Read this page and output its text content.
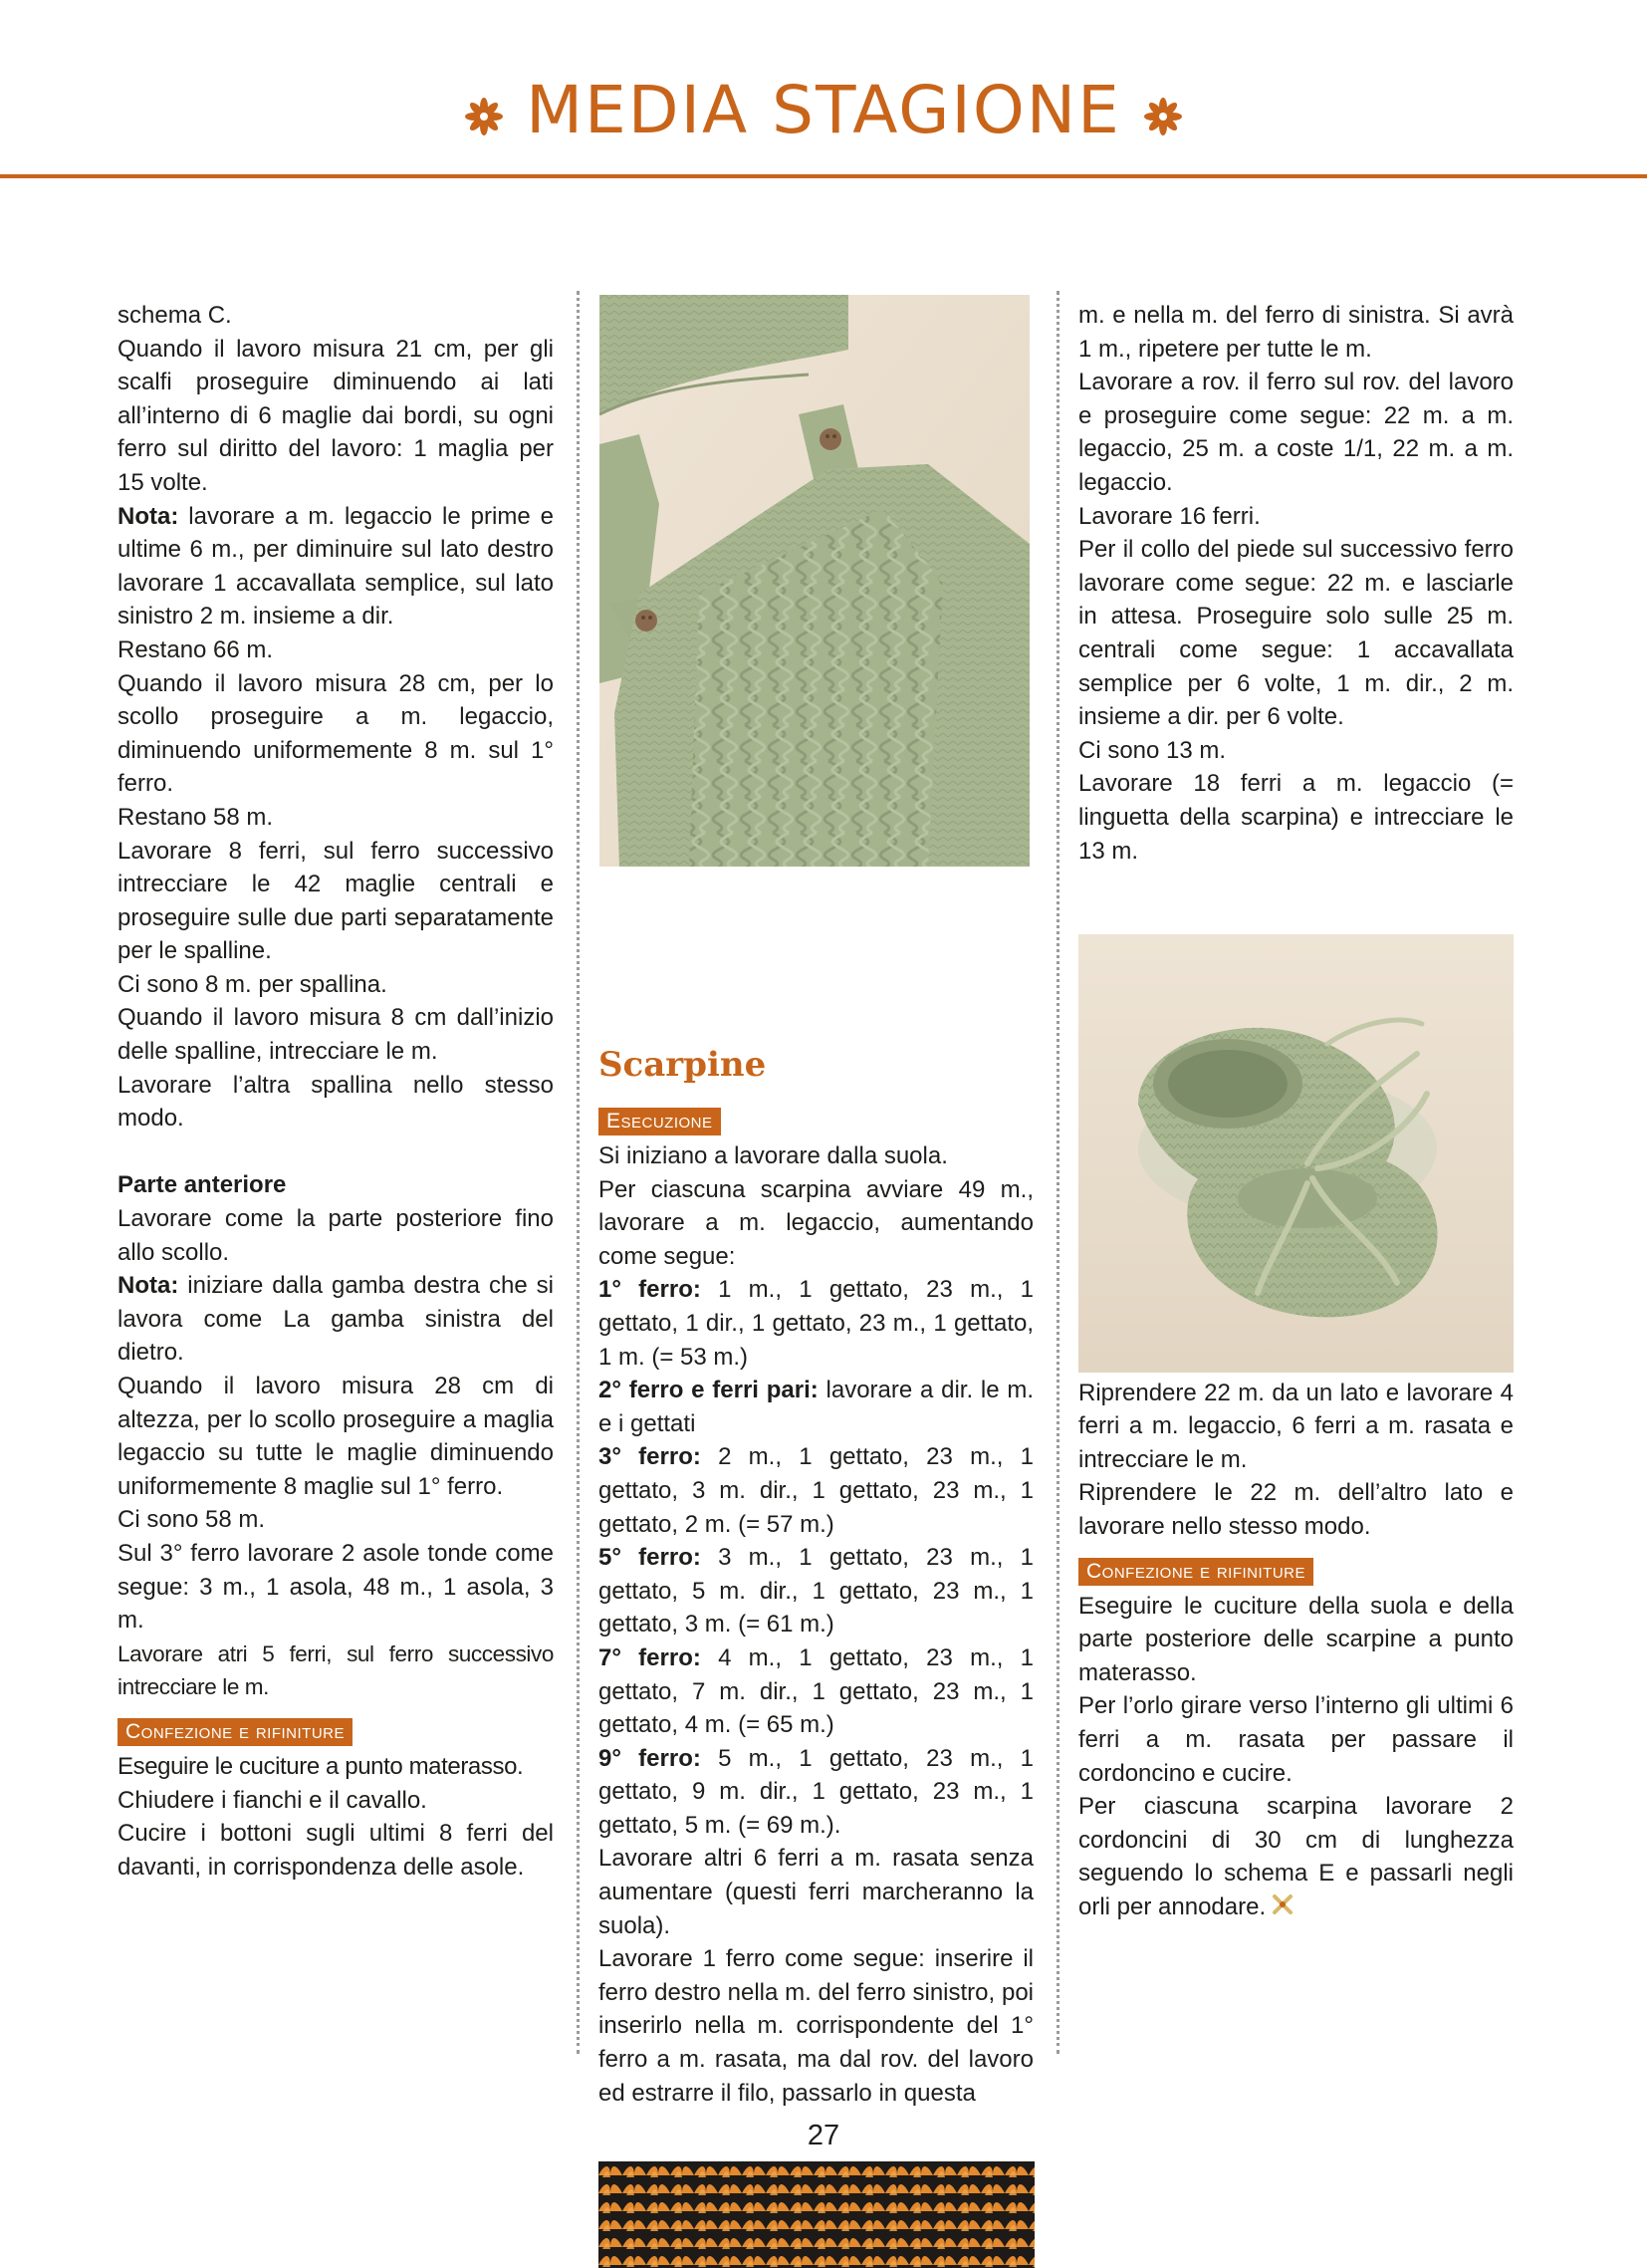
MEDIA STAGIONE

schema C.

Quando il lavoro misura 21 cm, per gli scalfi proseguire diminuendo ai lati all’interno di 6 maglie dai bordi, su ogni ferro sul diritto del lavoro: 1 maglia per 15 volte.

Nota: lavorare a m. legaccio le prime e ultime 6 m., per diminuire sul lato destro lavorare 1 accavallata semplice, sul lato sinistro 2 m. insieme a dir.

Restano 66 m.

Quando il lavoro misura 28 cm, per lo scollo proseguire a m. legaccio, diminuendo uniformemente 8 m. sul 1° ferro.

Restano 58 m.

Lavorare 8 ferri, sul ferro successivo intrecciare le 42 maglie centrali e proseguire sulle due parti separatamente per le spalline.

Ci sono 8 m. per spallina.

Quando il lavoro misura 8 cm dall’inizio delle spalline, intrecciare le m.

Lavorare l’altra spallina nello stesso modo.

Parte anteriore

Lavorare come la parte posteriore fino allo scollo.

Nota: iniziare dalla gamba destra che si lavora come La gamba sinistra del dietro.

Quando il lavoro misura 28 cm di altezza, per lo scollo proseguire a maglia legaccio su tutte le maglie diminuendo uniformemente 8 maglie sul 1° ferro.

Ci sono 58 m.

Sul 3° ferro lavorare 2 asole tonde come segue: 3 m., 1 asola, 48 m., 1 asola, 3 m.

Lavorare atri 5 ferri, sul ferro successivo intrecciare le m.

Confezione e rifiniture

Eseguire le cuciture a punto materasso.

Chiudere i fianchi e il cavallo.

Cucire i bottoni sugli ultimi 8 ferri del davanti, in corrispondenza delle asole.

Scarpine
Esecuzione

Si iniziano a lavorare dalla suola.

Per ciascuna scarpina avviare 49 m., lavorare a m. legaccio, aumentando come segue:

1° ferro: 1 m., 1 gettato, 23 m., 1 gettato, 1 dir., 1 gettato, 23 m., 1 gettato, 1 m. (= 53 m.)

2° ferro e ferri pari: lavorare a dir. le m. e i gettati

3° ferro: 2 m., 1 gettato, 23 m., 1 gettato, 3 m. dir., 1 gettato, 23 m., 1 gettato, 2 m. (= 57 m.)

5° ferro: 3 m., 1 gettato, 23 m., 1 gettato, 5 m. dir., 1 gettato, 23 m., 1 gettato, 3 m. (= 61 m.)

7° ferro: 4 m., 1 gettato, 23 m., 1 gettato, 7 m. dir., 1 gettato, 23 m., 1 gettato, 4 m. (= 65 m.)

9° ferro: 5 m., 1 gettato, 23 m., 1 gettato, 9 m. dir., 1 gettato, 23 m., 1 gettato, 5 m. (= 69 m.).

Lavorare altri 6 ferri a m. rasata senza aumentare (questi ferri marcheranno la suola).

Lavorare 1 ferro come segue: inserire il ferro destro nella m. del ferro sinistro, poi inserirlo nella m. corrispondente del 1° ferro a m. rasata, ma dal rov. del lavoro ed estrarre il filo, passarlo in questa

m. e nella m. del ferro di sinistra. Si avrà 1 m., ripetere per tutte le m.

Lavorare a rov. il ferro sul rov. del lavoro e proseguire come segue: 22 m. a m. legaccio, 25 m. a coste 1/1, 22 m. a m. legaccio.

Lavorare 16 ferri.

Per il collo del piede sul successivo ferro lavorare come segue: 22 m. e lasciarle in attesa. Proseguire solo sulle 25 m. centrali come segue: 1 accavallata semplice per 6 volte, 1 m. dir., 2 m. insieme a dir. per 6 volte.

Ci sono 13 m.

Lavorare 18 ferri a m. legaccio (= linguetta della scarpina) e intrecciare le 13 m.

Riprendere 22 m. da un lato e lavorare 4 ferri a m. legaccio, 6 ferri a m. rasata e intrecciare le m.

Riprendere le 22 m. dell’altro lato e lavorare nello stesso modo.

Confezione e rifiniture

Eseguire le cuciture della suola e della parte posteriore delle scarpine a punto materasso.

Per l’orlo girare verso l’interno gli ultimi 6 ferri a m. rasata per passare il cordoncino e cucire.

Per ciascuna scarpina lavorare 2 cordoncini di 30 cm di lunghezza seguendo lo schema E e passarli negli orli per annodare.

27
